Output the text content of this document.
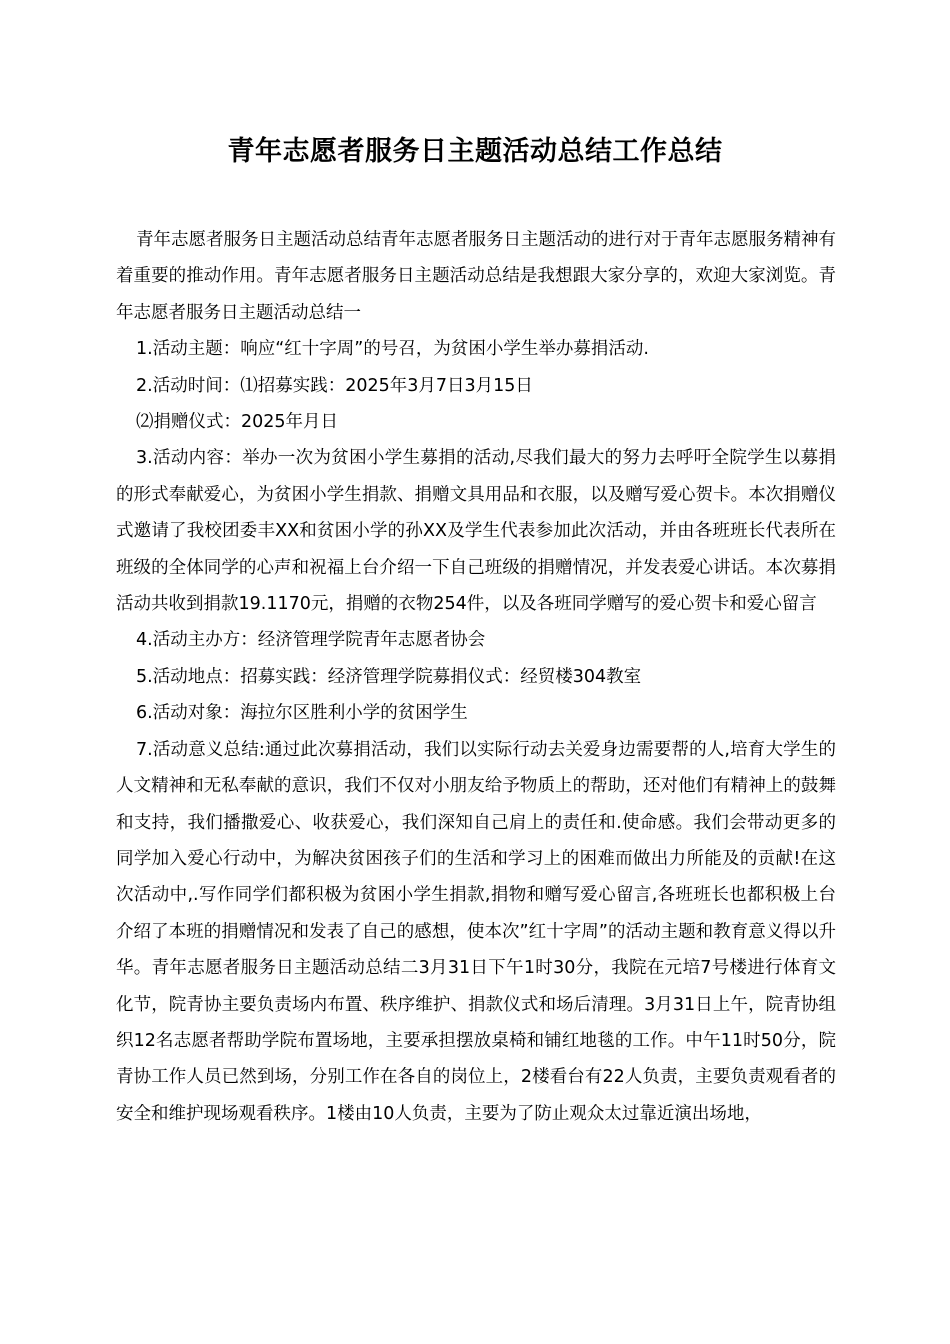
青年志愿者服务日主题活动总结工作总结

青年志愿者服务日主题活动总结青年志愿者服务日主题活动的进行对于青年志愿服务精神有着重要的推动作用。青年志愿者服务日主题活动总结是我想跟大家分享的，欢迎大家浏览。青年志愿者服务日主题活动总结一

1.活动主题：响应“红十字周”的号召，为贫困小学生举办募捐活动.

2.活动时间：⑴招募实践：2025年3月7日3月15日

⑵捐赠仪式：2025年月日

3.活动内容：举办一次为贫困小学生募捐的活动,尽我们最大的努力去呼吁全院学生以募捐的形式奉献爱心，为贫困小学生捐款、捐赠文具用品和衣服，以及赠写爱心贺卡。本次捐赠仪式邀请了我校团委丰XX和贫困小学的孙XX及学生代表参加此次活动，并由各班班长代表所在班级的全体同学的心声和祝福上台介绍一下自己班级的捐赠情况，并发表爱心讲话。本次募捐活动共收到捐款19.1170元，捐赠的衣物254件，以及各班同学赠写的爱心贺卡和爱心留言

4.活动主办方：经济管理学院青年志愿者协会

5.活动地点：招募实践：经济管理学院募捐仪式：经贸楼304教室

6.活动对象：海拉尔区胜利小学的贫困学生

7.活动意义总结:通过此次募捐活动，我们以实际行动去关爱身边需要帮的人,培育大学生的人文精神和无私奉献的意识，我们不仅对小朋友给予物质上的帮助，还对他们有精神上的鼓舞和支持，我们播撒爱心、收获爱心，我们深知自己肩上的责任和.使命感。我们会带动更多的同学加入爱心行动中，为解决贫困孩子们的生活和学习上的困难而做出力所能及的贡献!在这次活动中,.写作同学们都积极为贫困小学生捐款,捐物和赠写爱心留言,各班班长也都积极上台介绍了本班的捐赠情况和发表了自己的感想，使本次”红十字周”的活动主题和教育意义得以升华。青年志愿者服务日主题活动总结二3月31日下午1时30分，我院在元培7号楼进行体育文化节，院青协主要负责场内布置、秩序维护、捐款仪式和场后清理。3月31日上午，院青协组织12名志愿者帮助学院布置场地，主要承担摆放桌椅和铺红地毯的工作。中午11时50分，院青协工作人员已然到场，分别工作在各自的岗位上，2楼看台有22人负责，主要负责观看者的安全和维护现场观看秩序。1楼由10人负责，主要为了防止观众太过靠近演出场地，
